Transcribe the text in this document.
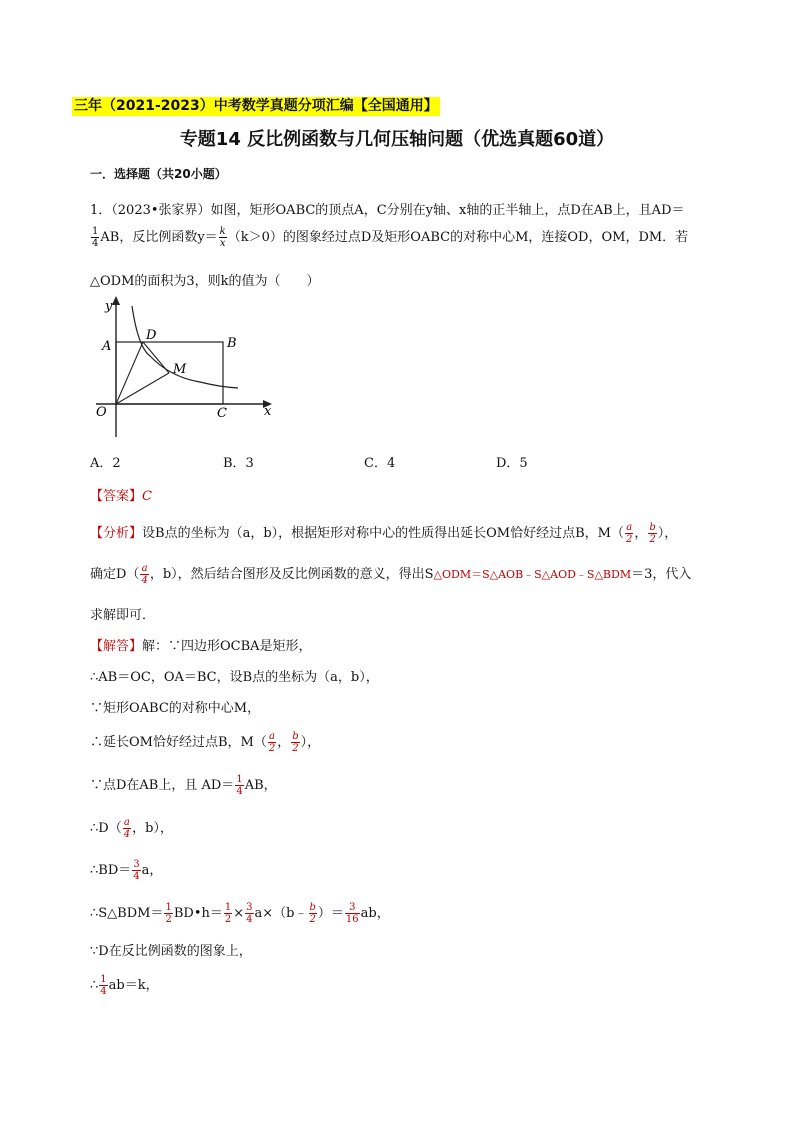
三年（2021-2023）中考数学真题分项汇编【全国通用】
专题14 反比例函数与几何压轴问题（优选真题60道）
一．选择题（共20小题）
1．（2023•张家界）如图，矩形OABC的顶点A，C分别在y轴、x轴的正半轴上，点D在AB上，且AD＝
$\frac{1}{4}$ AB，反比例函数$y= \frac{k}{x} (k>0)$的图象经过点D及矩形OABC的对称中心M，连接OD，OM，DM．若
△ODM的面积为3，则k的值为（　　）
y
x
O
A	B
C
D
M
A．2	B．3	C．4	D．5
【答案】C
【分析】设B点的坐标为（a，b），根据矩形对称中心的性质得出延长OM恰好经过点B，$M( \frac{a}{2}$ ， $\frac{b}{2}$ ），
确定$D( \frac{a}{4}$ ，b），然后结合图形及反比例函数的意义，得出S△ODM＝S△AOB﹣S△AOD﹣S△BDM＝3，代入
求解即可．
【解答】解：∵四边形OCBA是矩形，
∴AB＝OC，OA＝BC，设B点的坐标为（a，b），
∵矩形OABC的对称中心M，
∴延长OM恰好经过点B，$M( \frac{a}{2}$ ， $\frac{b}{2}$ ），
∵点D在AB上，且 $AD= \frac{1}{4}$ AB，
∴D（ $\frac{a}{4}$ ，b），
∴BD＝ $\frac{3}{4}$ a，
∴S△BDM＝ $\frac{1}{2}$ BD•h＝ $\frac{1}{2} \times \frac{3}{4}$ a×（b﹣ $\frac{b}{2}$ ）＝ $\frac{3}{16}$ ab，
∵D在反比例函数的图象上，
∴ $\frac{1}{4} ab=k$，
